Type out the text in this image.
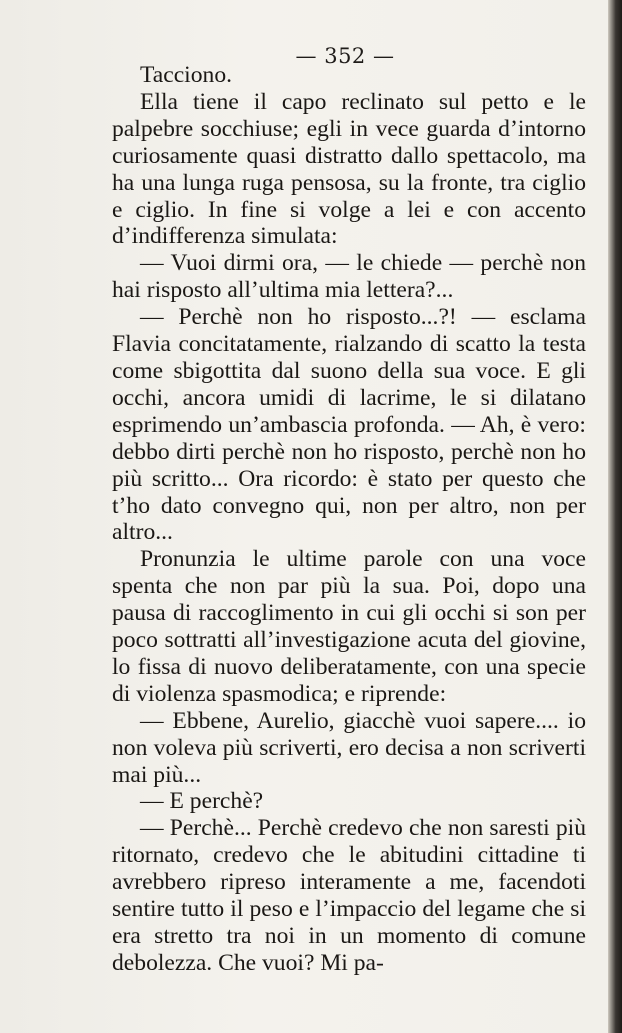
— 352 —

Tacciono.

Ella tiene il capo reclinato sul petto e le palpebre socchiuse; egli in vece guarda d’intorno curiosamente quasi distratto dallo spettacolo, ma ha una lunga ruga pensosa, su la fronte, tra ciglio e ciglio. In fine si volge a lei e con accento d’indifferenza simulata:

— Vuoi dirmi ora, — le chiede — perchè non hai risposto all’ultima mia lettera?...

— Perchè non ho risposto...?! — esclama Flavia concitatamente, rialzando di scatto la testa come sbigottita dal suono della sua voce. E gli occhi, ancora umidi di lacrime, le si dilatano esprimendo un’ambascia profonda. — Ah, è vero: debbo dirti perchè non ho risposto, perchè non ho più scritto... Ora ricordo: è stato per questo che t’ho dato convegno qui, non per altro, non per altro...

Pronunzia le ultime parole con una voce spenta che non par più la sua. Poi, dopo una pausa di raccoglimento in cui gli occhi si son per poco sottratti all’investigazione acuta del giovine, lo fissa di nuovo deliberatamente, con una specie di violenza spasmodica; e riprende:

— Ebbene, Aurelio, giacchè vuoi sapere.... io non voleva più scriverti, ero decisa a non scriverti mai più...

— E perchè?

— Perchè... Perchè credevo che non saresti più ritornato, credevo che le abitudini cittadine ti avrebbero ripreso interamente a me, facendoti sentire tutto il peso e l’impaccio del legame che si era stretto tra noi in un momento di comune debolezza. Che vuoi? Mi pa-
